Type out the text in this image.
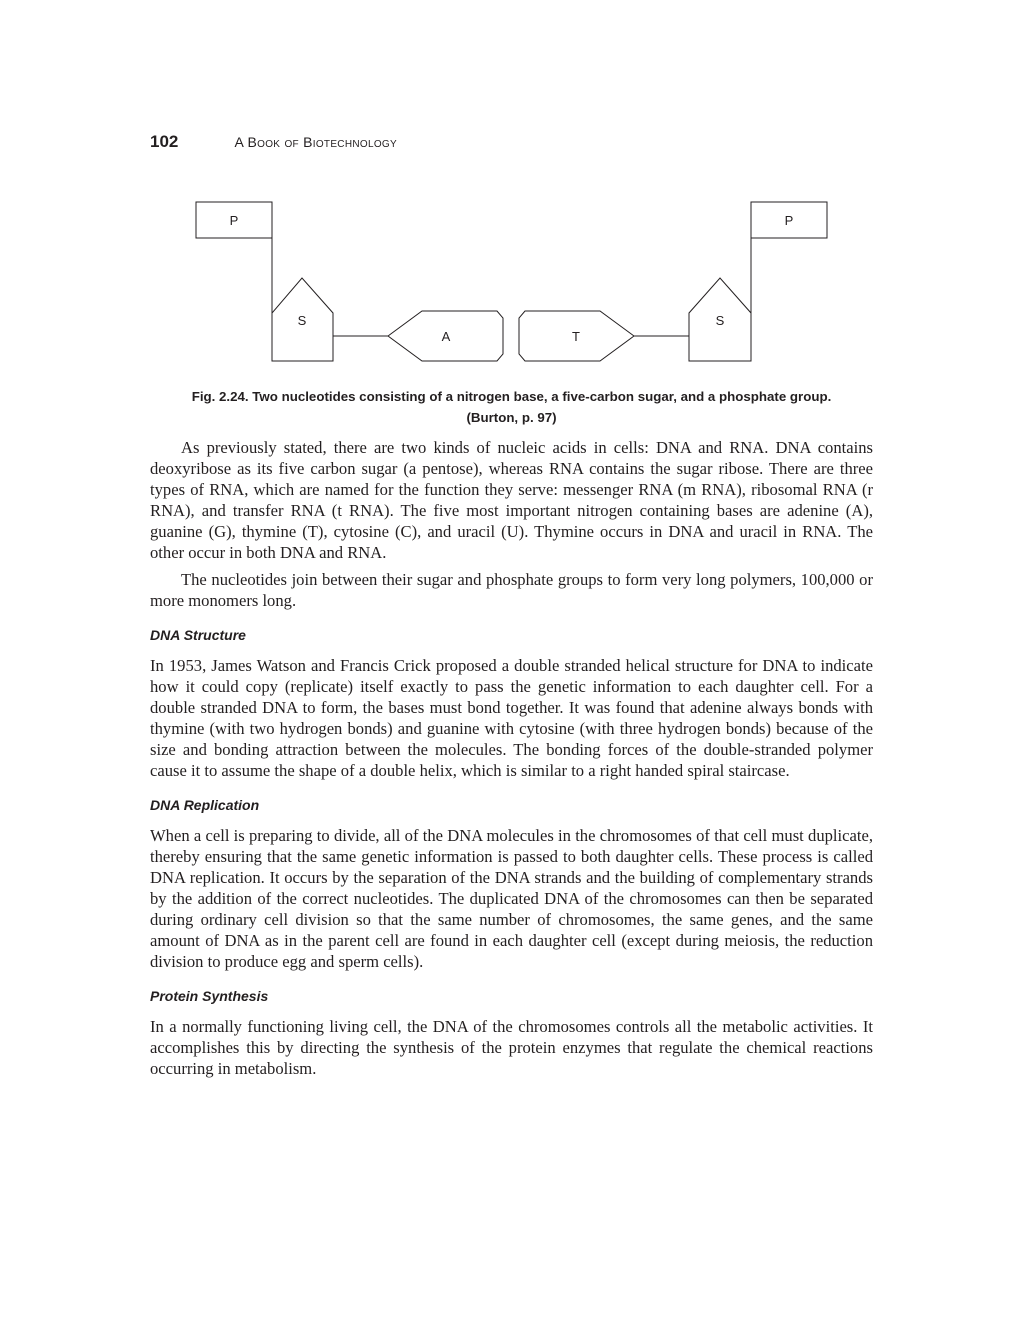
102	A Book of Biotechnology
P	P
S	S
A	T
Fig. 2.24. Two nucleotides consisting of a nitrogen base, a five-carbon sugar, and a phosphate group.
(Burton, p. 97)

As previously stated, there are two kinds of nucleic acids in cells: DNA and RNA. DNA contains deoxyribose as its five carbon sugar (a pentose), whereas RNA contains the sugar ribose. There are three types of RNA, which are named for the function they serve: messenger RNA (m RNA), ribosomal RNA (r RNA), and transfer RNA (t RNA). The five most important nitrogen containing bases are adenine (A), guanine (G), thymine (T), cytosine (C), and uracil (U). Thymine occurs in DNA and uracil in RNA. The other occur in both DNA and RNA.

The nucleotides join between their sugar and phosphate groups to form very long polymers, 100,000 or more monomers long.

DNA Structure

In 1953, James Watson and Francis Crick proposed a double stranded helical structure for DNA to indicate how it could copy (replicate) itself exactly to pass the genetic information to each daughter cell. For a double stranded DNA to form, the bases must bond together. It was found that adenine always bonds with thymine (with two hydrogen bonds) and guanine with cytosine (with three hydrogen bonds) because of the size and bonding attraction between the molecules. The bonding forces of the double-stranded polymer cause it to assume the shape of a double helix, which is similar to a right handed spiral staircase.

DNA Replication

When a cell is preparing to divide, all of the DNA molecules in the chromosomes of that cell must duplicate, thereby ensuring that the same genetic information is passed to both daughter cells. These process is called DNA replication. It occurs by the separation of the DNA strands and the building of complementary strands by the addition of the correct nucleotides. The duplicated DNA of the chromosomes can then be separated during ordinary cell division so that the same number of chromosomes, the same genes, and the same amount of DNA as in the parent cell are found in each daughter cell (except during meiosis, the reduction division to produce egg and sperm cells).

Protein Synthesis

In a normally functioning living cell, the DNA of the chromosomes controls all the metabolic activities. It accomplishes this by directing the synthesis of the protein enzymes that regulate the chemical reactions occurring in metabolism.
